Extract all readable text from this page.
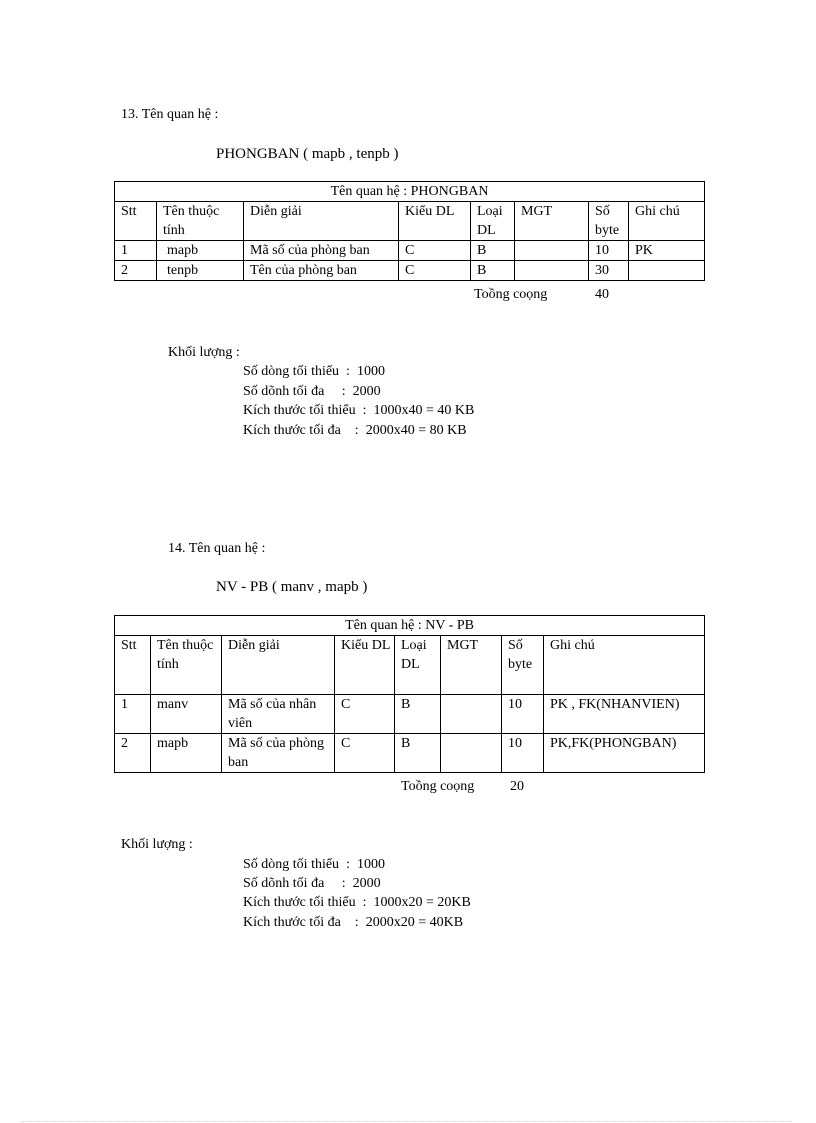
13. Tên quan hệ :
PHONGBAN ( mapb , tenpb )
Tên quan hệ : PHONGBAN							
Stt	Tên thuộc tính	Diễn giải	Kiểu DL	Loại DL	MGT	Số byte	Ghi chú
1	mapb	Mã số của phòng ban	C	B		10	PK
2	tenpb	Tên của phòng ban	C	B		30	
Toồng coọng	40
Khối lượng :
Số dòng tối thiểu  :  1000
Số dõnh tối đa     :  2000
Kích thước tối thiểu  :  1000x40 = 40 KB
Kích thước tối đa    :  2000x40 = 80 KB
14. Tên quan hệ :
NV - PB ( manv , mapb )
Tên quan hệ : NV - PB							
Stt	Tên thuộc tính	Diễn giải	Kiểu DL	Loại DL	MGT	Số byte	Ghi chú
1	manv	Mã số của nhân viên	C	B		10	PK , FK(NHANVIEN)
2	mapb	Mã số của phòng ban	C	B		10	PK,FK(PHONGBAN)
Toồng coọng	20
Khối lượng :
Số dòng tối thiểu  :  1000
Số dõnh tối đa     :  2000
Kích thước tối thiểu  :  1000x20 = 20KB
Kích thước tối đa    :  2000x20 = 40KB
